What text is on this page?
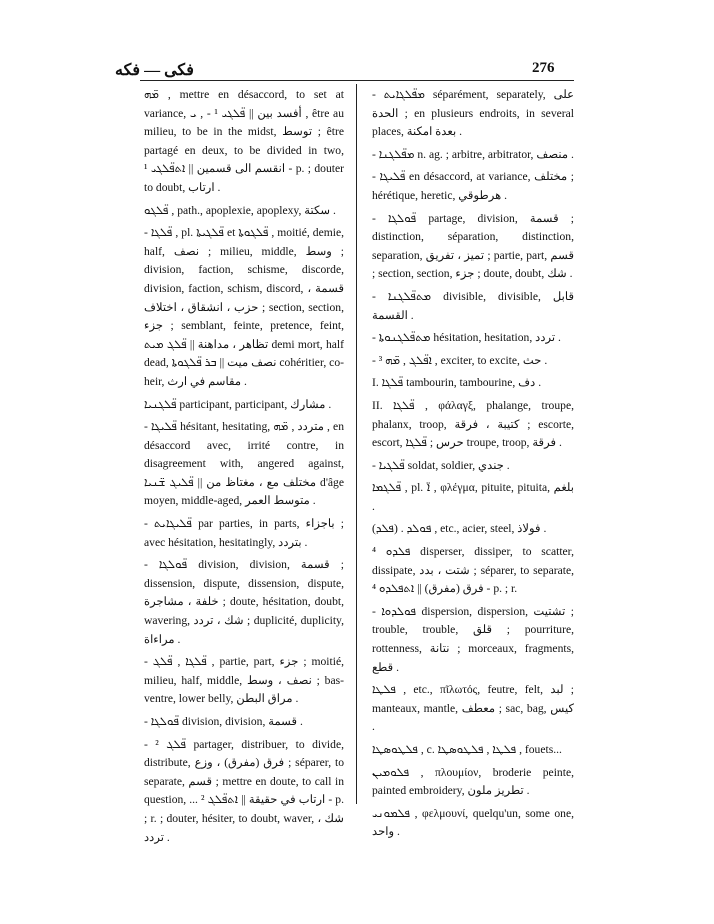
فكى — فكه	276

ܡ̈ܗ , mettre en désaccord, to set at variance, أفسد بين || ܦ̈ܠܓܝ ¹ - , ܝ , être au milieu, to be in the midst, توسط ; être partagé en deux, to be divided in two, انقسم الى قسمين || ܐܬܦ̈ܠܓܝ ¹ - p. ; douter to doubt, ارتاب .

ܦ̈ܠܓܘ , path., apoplexie, apoplexy, سكتة .

- ܦ̈ܠܓܐ , pl. ܦ̈ܠܓܝܬܐ et ܦ̈ܠܓܘܬܐ , moitié, demie, half, نصف ; milieu, middle, وسط ; division, faction, schisme, discorde, division, faction, schism, discord, قسمة ، حزب ، انشقاق ، اختلاف ; section, section, جزء ; semblant, feinte, pretence, feint, تظاهر ، مداهنة || ܦ̈ܠܓ ܡܝܬ demi mort, half dead, نصف ميت || ܒܪ ܦ̈ܠܓܘܬܐ cohéritier, co-heir, مقاسم في ارث .

ܦ̈ܠܓܢܝܐ participant, participant, مشارك .

- ܦ̈ܠܝܓܐ hésitant, hesitating, متردد , ܡ̈ܗ , en désaccord avec, irrité contre, in disagreement with, angered against, مختلف مع ، مغتاظ من || ܦ̈ܠܝܓ ܫ̈ܢܝܐ d'âge moyen, middle-aged, متوسط العمر .

- ܦ̈ܠܝܓܐܝܬ par parties, in parts, باجزاء ; avec hésitation, hesitatingly, بتردد .

- ܦ̈ܘܠܓܐ division, division, قسمة ; dissension, dispute, dissension, dispute, خلفة ، مشاجرة ; doute, hésitation, doubt, wavering, شك ، تردد ; duplicité, duplicity, مراءاة .

- ܦ̈ܠܓܐ , ܦ̈ܠܓ , partie, part, جزء ; moitié, milieu, half, middle, نصف ، وسط ; bas-ventre, lower belly, مراق البطن .

- ܦ̈ܘܠܓܐ division, division, قسمة .

- ² ܦ̈ܠܓ partager, distribuer, to divide, distribute, فرق (مفرق) ، وزع ; séparer, to separate, قسم ; mettre en doute, to call in question, ... ارتاب في حقيقة || ܐܬܦ̈ܠܓ ² - p. ; r. ; douter, hésiter, to doubt, waver, شك ، تردد .

- ܡܦ̈ܠܓܐܝܬ séparément, separately, على الحدة ; en plusieurs endroits, in several places, بعدة امكنة .

- ܡܦ̈ܠܓܢܐ n. ag. ; arbitre, arbitrator, منصف .

- ܦ̈ܠܝܓܐ en désaccord, at variance, مختلف ; hérétique, heretic, هرطوقي .

- ܦ̈ܘܠܓܐ partage, division, قسمة ; distinction, séparation, distinction, separation, تميز ، تفريق ; partie, part, قسم ; section, section, جزء ; doute, doubt, شك .

- ܡܬܦ̈ܠܓܢܐ divisible, divisible, قابل القسمة .

- ܡܬܦ̈ܠܓܢܘܬܐ hésitation, hesitation, تردد .

- ³ ܐܦ̈ܠܓ , ܡ̈ܗ , exciter, to excite, حث .

I. ܦ̈ܠܓܐ tambourin, tambourine, دف .

II. ܦ̈ܠܓܐ , φάλαγξ, phalange, troupe, phalanx, troop, كتيبة ، فرقة ; escorte, escort, حرس ; ܦ̈ܠܓܐ troupe, troop, فرقة .

- ܦ̈ܠܓܝܐ soldat, soldier, جندي .

ܦ̈ܠܓܡܐ , pl. ܐ̈ , φλέγμα, pituite, pituita, بلغم .

(ܦܠܕ) . ܦܘܠܕ , etc., acier, steel, فولاذ .

⁴ ܦܠܕܘ disperser, dissiper, to scatter, dissipate, شتت ، بدد ; séparer, to separate, فرق (مفرق) || ܐܬܦܠܕܘ ⁴ - p. ; r.

- ܦܘܠܕܘܐ dispersion, dispersion, تشتيت ; trouble, trouble, قلق ; pourriture, rottenness, نتانة ; morceaux, fragments, قطع .

ܦܠܛܐ , etc., πῖλωτός, feutre, felt, لبد ; manteaux, mantle, معطف ; sac, bag, كيس .

ܦܠܛܘܣܛܐ , c. ܦܠܛܐ , ܦܠܛܘܣܛܐ , fouets...

ܦܠܘܡܝܢ , πλουμίον, broderie peinte, painted embroidery, تطريز ملون .

ܦܠܡܘܢܝ , φελμουνί, quelqu'un, some one, واحد .
